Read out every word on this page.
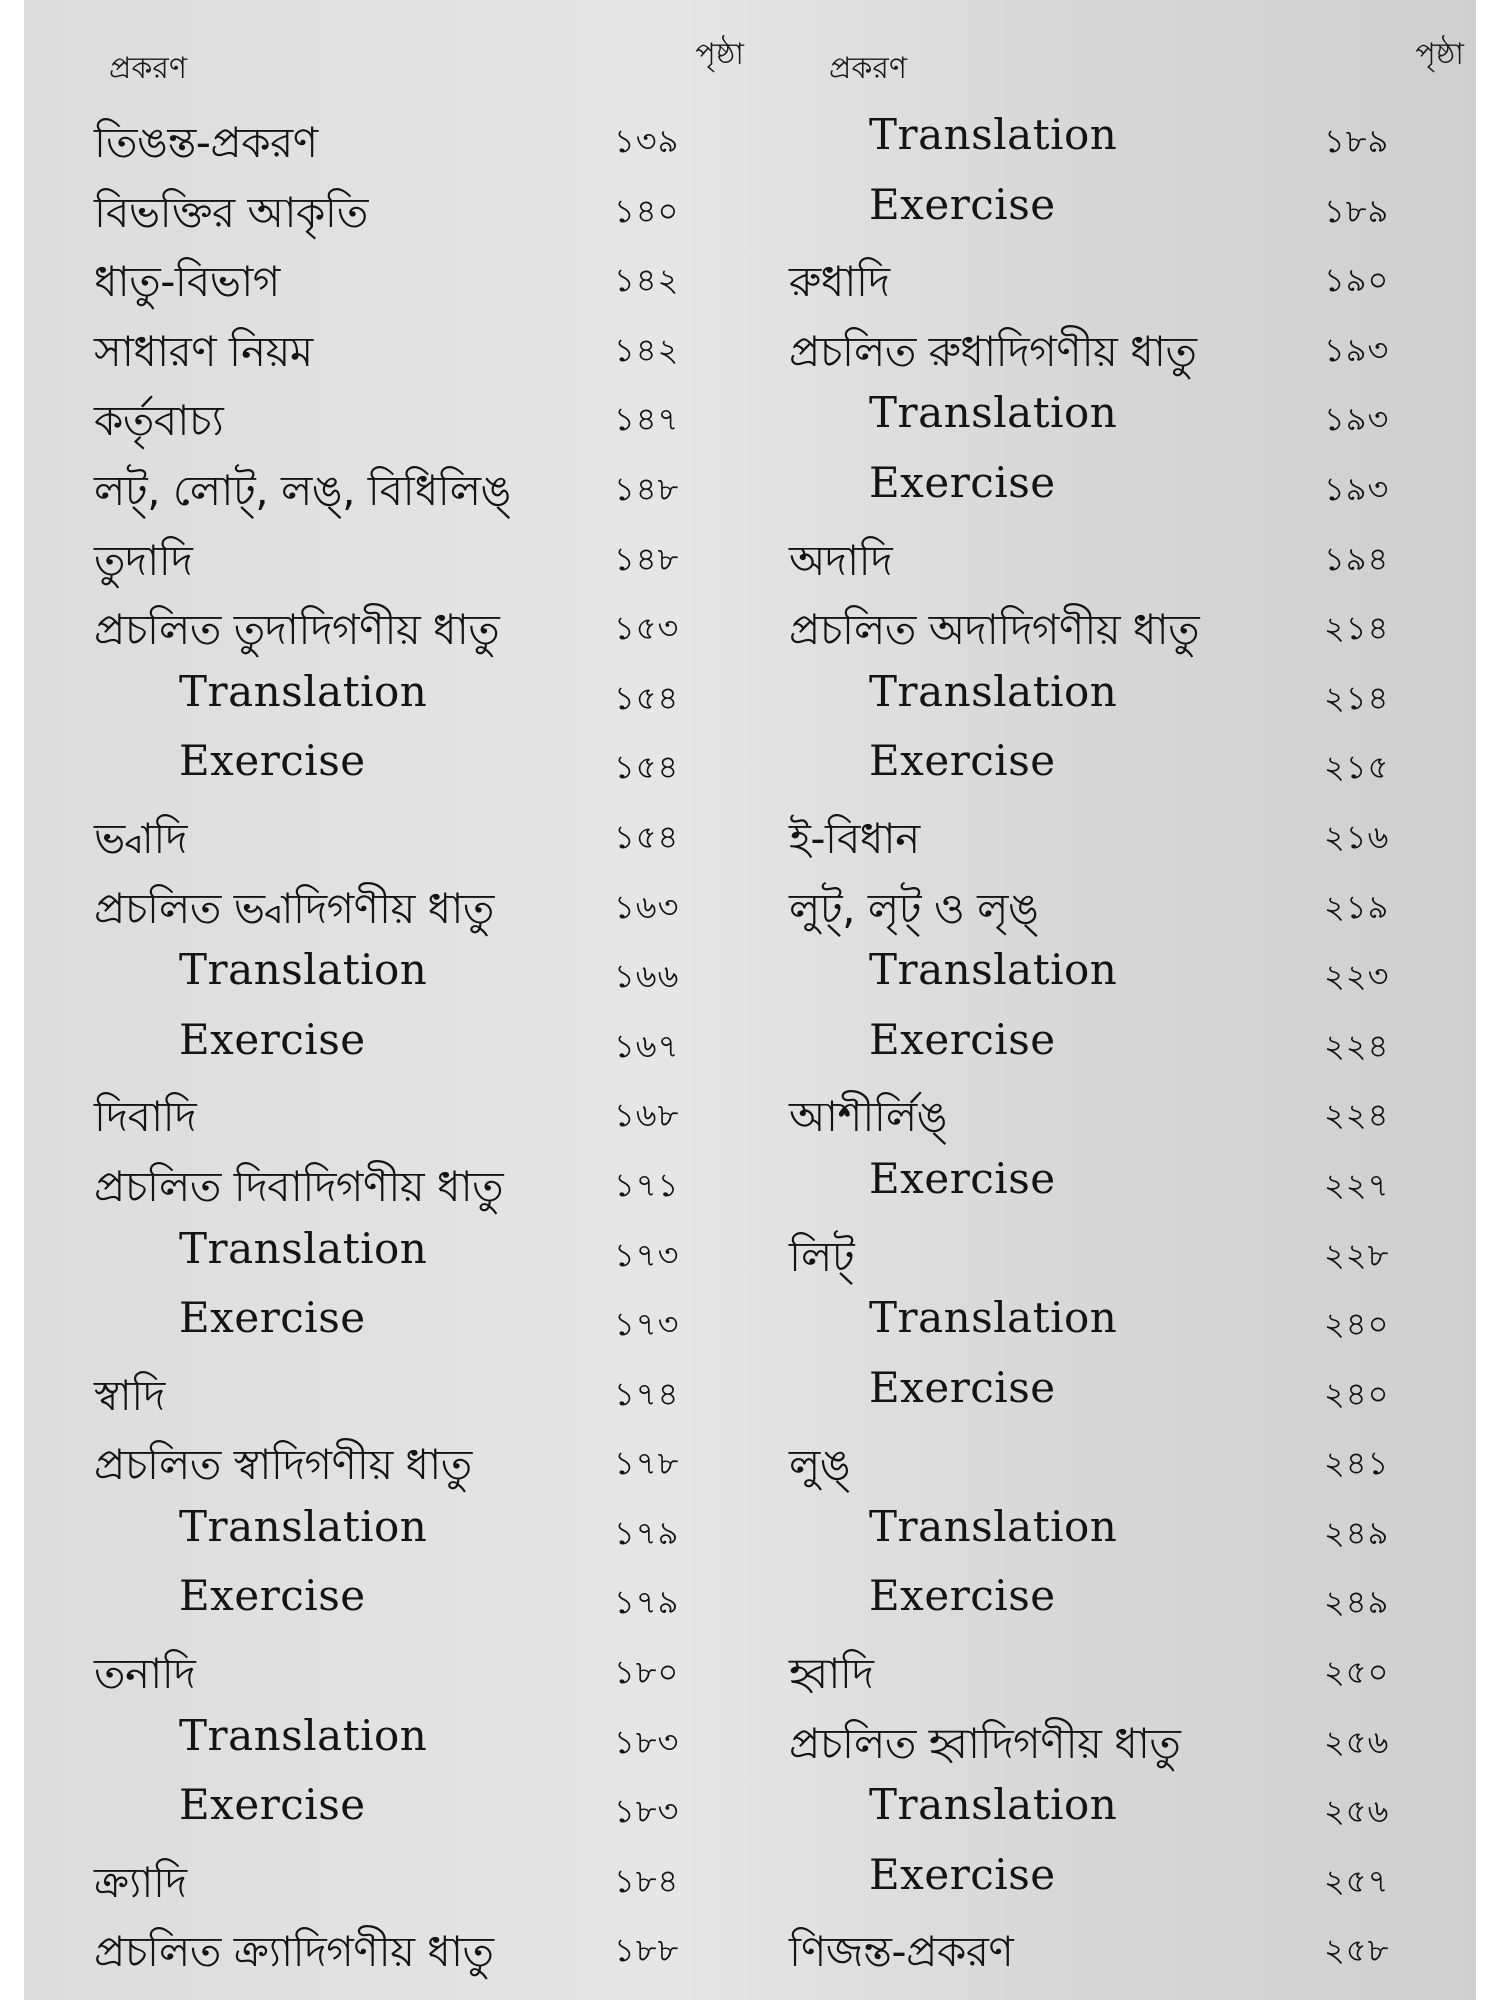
প্রকরণ	পৃষ্ঠা
তিঙন্ত-প্রকরণ	১৩৯
বিভক্তির আকৃতি	১৪০
ধাতু-বিভাগ	১৪২
সাধারণ নিয়ম	১৪২
কর্তৃবাচ্য	১৪৭
লট্, লোট্, লঙ্, বিধিলিঙ্	১৪৮
তুদাদি	১৪৮
প্রচলিত তুদাদিগণীয় ধাতু	১৫৩
Translation	১৫৪
Exercise	১৫৪
ভ্বাদি	১৫৪
প্রচলিত ভ্বাদিগণীয় ধাতু	১৬৩
Translation	১৬৬
Exercise	১৬৭
দিবাদি	১৬৮
প্রচলিত দিবাদিগণীয় ধাতু	১৭১
Translation	১৭৩
Exercise	১৭৩
স্বাদি	১৭৪
প্রচলিত স্বাদিগণীয় ধাতু	১৭৮
Translation	১৭৯
Exercise	১৭৯
তনাদি	১৮০
Translation	১৮৩
Exercise	১৮৩
ক্র্যাদি	১৮৪
প্রচলিত ক্র্যাদিগণীয় ধাতু	১৮৮
প্রকরণ	পৃষ্ঠা
Translation	১৮৯
Exercise	১৮৯
রুধাদি	১৯০
প্রচলিত রুধাদিগণীয় ধাতু	১৯৩
Translation	১৯৩
Exercise	১৯৩
অদাদি	১৯৪
প্রচলিত অদাদিগণীয় ধাতু	২১৪
Translation	২১৪
Exercise	২১৫
ই-বিধান	২১৬
লুট্, লৃট্ ও লৃঙ্	২১৯
Translation	২২৩
Exercise	২২৪
আশীর্লিঙ্	২২৪
Exercise	২২৭
লিট্	২২৮
Translation	২৪০
Exercise	২৪০
লুঙ্	২৪১
Translation	২৪৯
Exercise	২৪৯
হ্বাদি	২৫০
প্রচলিত হ্বাদিগণীয় ধাতু	২৫৬
Translation	২৫৬
Exercise	২৫৭
ণিজন্ত-প্রকরণ	২৫৮
